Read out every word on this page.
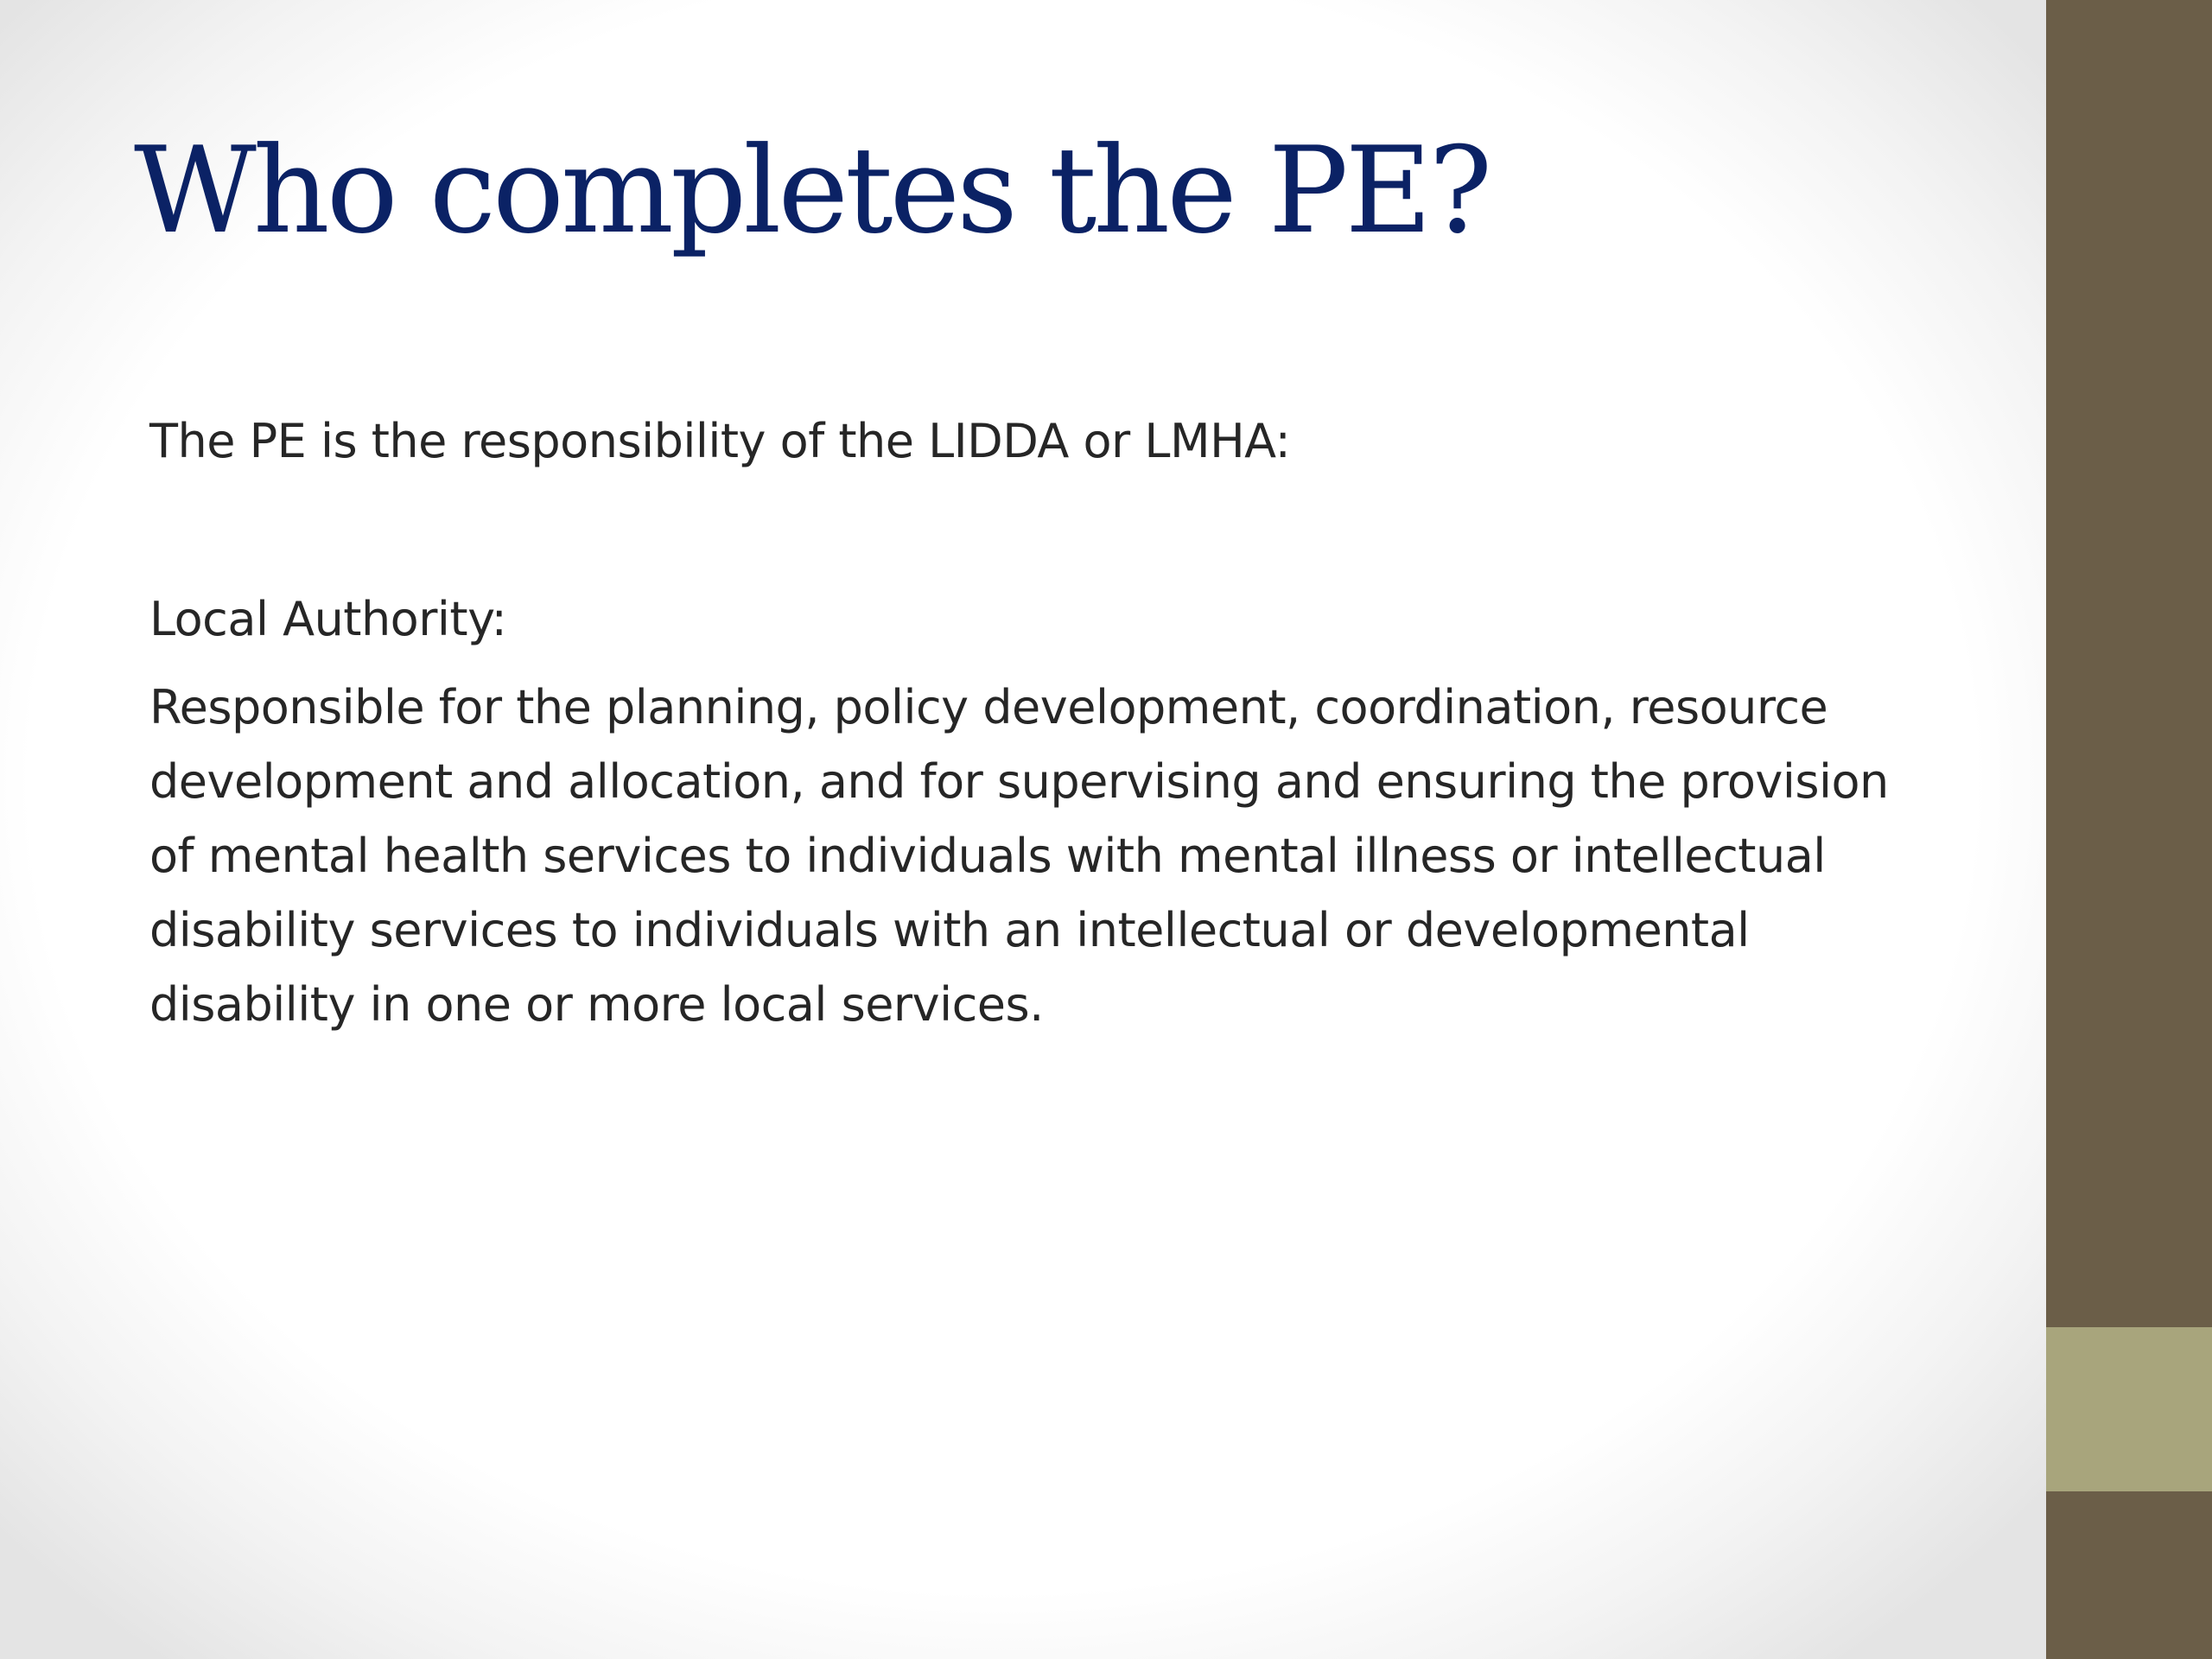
Who completes the PE?

The PE is the responsibility of the LIDDA or LMHA:

Local Authority:

Responsible for the planning, policy development, coordination, resource development and allocation, and for supervising and ensuring the provision of mental health services to individuals with mental illness or intellectual disability services to individuals with an intellectual or developmental disability in one or more local services.
